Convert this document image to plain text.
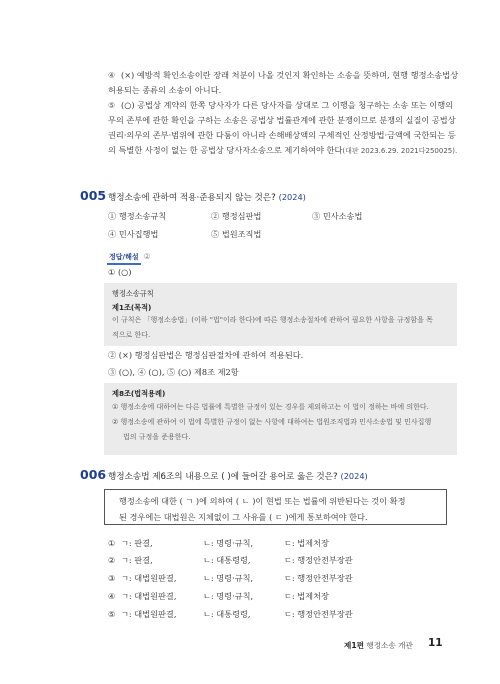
④ (×) 예방적 확인소송이란 장래 처분이 나올 것인지 확인하는 소송을 뜻하며, 현행 행정소송법상 허용되는 종류의 소송이 아니다.
⑤ (○) 공법상 계약의 한쪽 당사자가 다른 당사자를 상대로 그 이행을 청구하는 소송 또는 이행의무의 존부에 관한 확인을 구하는 소송은 공법상 법률관계에 관한 분쟁이므로 분쟁의 실질이 공법상 권리·의무의 존부·범위에 관한 다툼이 아니라 손해배상액의 구체적인 산정방법·금액에 국한되는 등의 특별한 사정이 없는 한 공법상 당사자소송으로 제기하여야 한다(대판 2023.6.29. 2021다250025).
005 행정소송에 관하여 적용·준용되지 않는 것은? (2024)
① 행정소송규칙	② 행정심판법	③ 민사소송법
④ 민사집행법	⑤ 법원조직법
정답/해설 ②
① (○)
행정소송규칙
제1조(목적)
이 규칙은 「행정소송법」(이하 "법"이라 한다)에 따른 행정소송절차에 관하여 필요한 사항을 규정함을 목
적으로 한다.
② (×) 행정심판법은 행정심판절차에 관하여 적용된다.
③ (○), ④ (○), ⑤ (○) 제8조 제2항
제8조(법적용례)
① 행정소송에 대하여는 다른 법률에 특별한 규정이 있는 경우를 제외하고는 이 법이 정하는 바에 의한다.
② 행정소송에 관하여 이 법에 특별한 규정이 없는 사항에 대하여는 법원조직법과 민사소송법 및 민사집행
법의 규정을 준용한다.
006 행정소송법 제6조의 내용으로 ( )에 들어갈 용어로 옳은 것은? (2024)
행정소송에 대한 ( ㄱ )에 의하여 ( ㄴ )이 현법 또는 법률에 위반된다는 것이 확정
된 경우에는 대법원은 지체없이 그 사유를 ( ㄷ )에게 통보하여야 한다.
① ㄱ: 판결,	ㄴ: 명령·규칙,	ㄷ: 법제처장
② ㄱ: 판결,	ㄴ: 대통령령,	ㄷ: 행정안전부장관
③ ㄱ: 대법원판결,	ㄴ: 명령·규칙,	ㄷ: 행정안전부장관
④ ㄱ: 대법원판결,	ㄴ: 명령·규칙,	ㄷ: 법제처장
⑤ ㄱ: 대법원판결,	ㄴ: 대통령령,	ㄷ: 행정안전부장관
제1편 행정소송 개관 11
